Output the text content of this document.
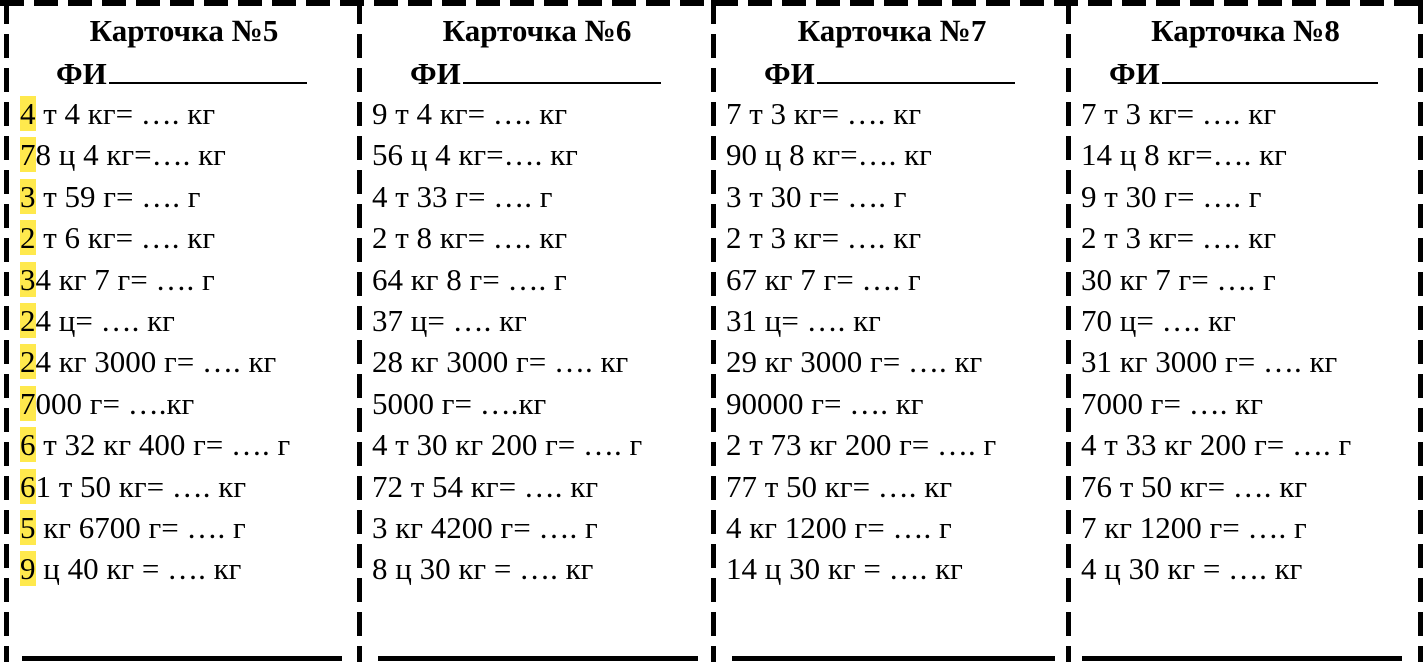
Карточка №5
ФИ
4 т 4 кг= …. кг
78 ц 4 кг=…. кг
3 т 59 г= …. г
2 т 6 кг= …. кг
34 кг 7 г= …. г
24 ц= …. кг
24 кг 3000 г= …. кг
7000 г= ….кг
6 т 32 кг 400 г= …. г
61 т 50 кг= …. кг
5 кг 6700 г= …. г
9 ц 40 кг = …. кг
Карточка №6
ФИ
9 т 4 кг= …. кг
56 ц 4 кг=…. кг
4 т 33 г= …. г
2 т 8 кг= …. кг
64 кг 8 г= …. г
37 ц= …. кг
28 кг 3000 г= …. кг
5000 г= ….кг
4 т 30 кг 200 г= …. г
72 т 54 кг= …. кг
3 кг 4200 г= …. г
8 ц 30 кг = …. кг
Карточка №7
ФИ
7 т 3 кг= …. кг
90 ц 8 кг=…. кг
3 т 30 г= …. г
2 т 3 кг= …. кг
67 кг 7 г= …. г
31 ц= …. кг
29 кг 3000 г= …. кг
90000 г= …. кг
2 т 73 кг 200 г= …. г
77 т 50 кг= …. кг
4 кг 1200 г= …. г
14 ц 30 кг = …. кг
Карточка №8
ФИ
7 т 3 кг= …. кг
14 ц 8 кг=…. кг
9 т 30 г= …. г
2 т 3 кг= …. кг
30 кг 7 г= …. г
70 ц= …. кг
31 кг 3000 г= …. кг
7000 г= …. кг
4 т 33 кг 200 г= …. г
76 т 50 кг= …. кг
7 кг 1200 г= …. г
4 ц 30 кг = …. кг
